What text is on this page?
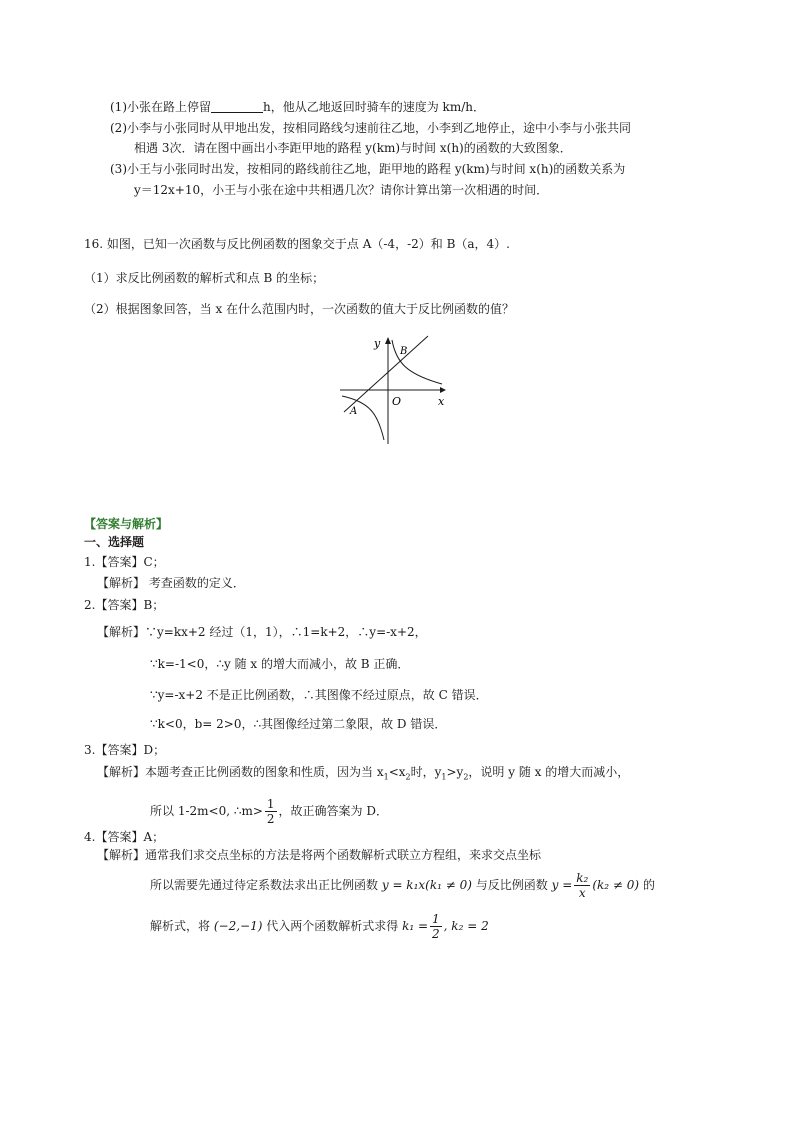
(1)小张在路上停留	h，他从乙地返回时骑车的速度为 km/h．
(2)小李与小张同时从甲地出发，按相同路线匀速前往乙地，小李到乙地停止，途中小李与小张共同
相遇 3次．请在图中画出小李距甲地的路程 y(km)与时间 x(h)的函数的大致图象．
(3)小王与小张同时出发，按相同的路线前往乙地，距甲地的路程 y(km)与时间 x(h)的函数关系为
y＝12x+10，小王与小张在途中共相遇几次？请你计算出第一次相遇的时间．
16. 如图，已知一次函数与反比例函数的图象交于点 A（-4，-2）和 B（a，4）.
（1）求反比例函数的解析式和点 B 的坐标；
（2）根据图象回答，当 x 在什么范围内时，一次函数的值大于反比例函数的值？
y
x
O
A
B
【答案与解析】
一、选择题
1.【答案】C；
【解析】 考查函数的定义．
2.【答案】B；
【解析】∵y=kx+2 经过（1，1），∴1=k+2，∴y=-x+2，
∵k=-1<0，∴y 随 x 的增大而减小，故 B 正确．
∵y=-x+2 不是正比例函数，∴其图像不经过原点，故 C 错误．
∵k<0，b= 2>0，∴其图像经过第二象限，故 D 错误．
3.【答案】D；
【解析】本题考查正比例函数的图象和性质，因为当 $x_1<x_2$时，$y_1>y_2$，说明 y 随 x 的增大而减小，
所以 1-2m<0, ∴m> $\frac{1}{2}$ ，故正确答案为 D．
4.【答案】A；
【解析】通常我们求交点坐标的方法是将两个函数解析式联立方程组，来求交点坐标
所以需要先通过待定系数法求出正比例函数 y = k₁x(k₁ ≠ 0) 与反比例函数 $y = \frac{\text{k₂}}{x} (k_2 \ne 0)$ 的
解析式，将 (−2,−1) 代入两个函数解析式求得 $k_1 = \frac{1}{2}$ , k₂ = 2
